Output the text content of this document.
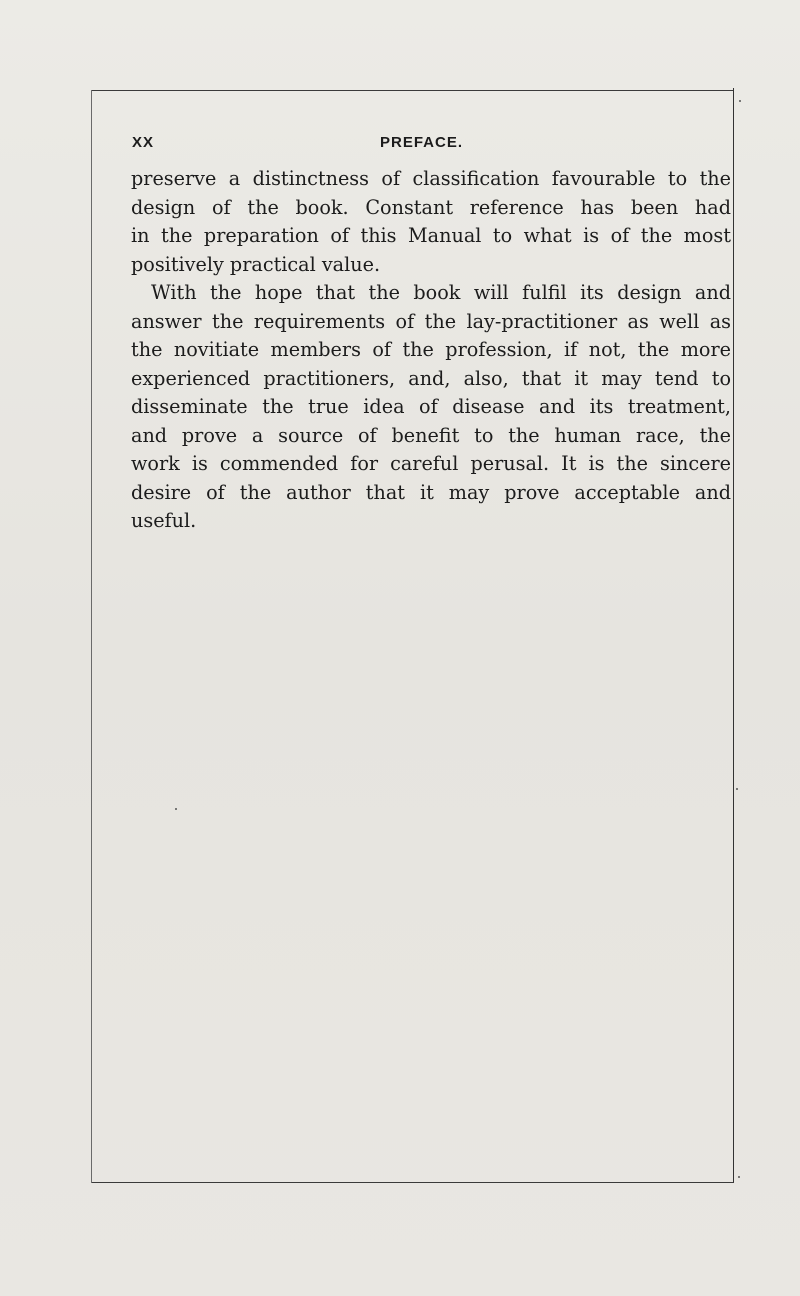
XX	PREFACE.
preserve a distinctness of classification favourable to the
design of the book. Constant reference has been had
in the preparation of this Manual to what is of the most
positively practical value.
With the hope that the book will fulfil its design and
answer the requirements of the lay-practitioner as well as
the novitiate members of the profession, if not, the more
experienced practitioners, and, also, that it may tend to
disseminate the true idea of disease and its treatment,
and prove a source of benefit to the human race, the
work is commended for careful perusal. It is the sincere
desire of the author that it may prove acceptable and
useful.
